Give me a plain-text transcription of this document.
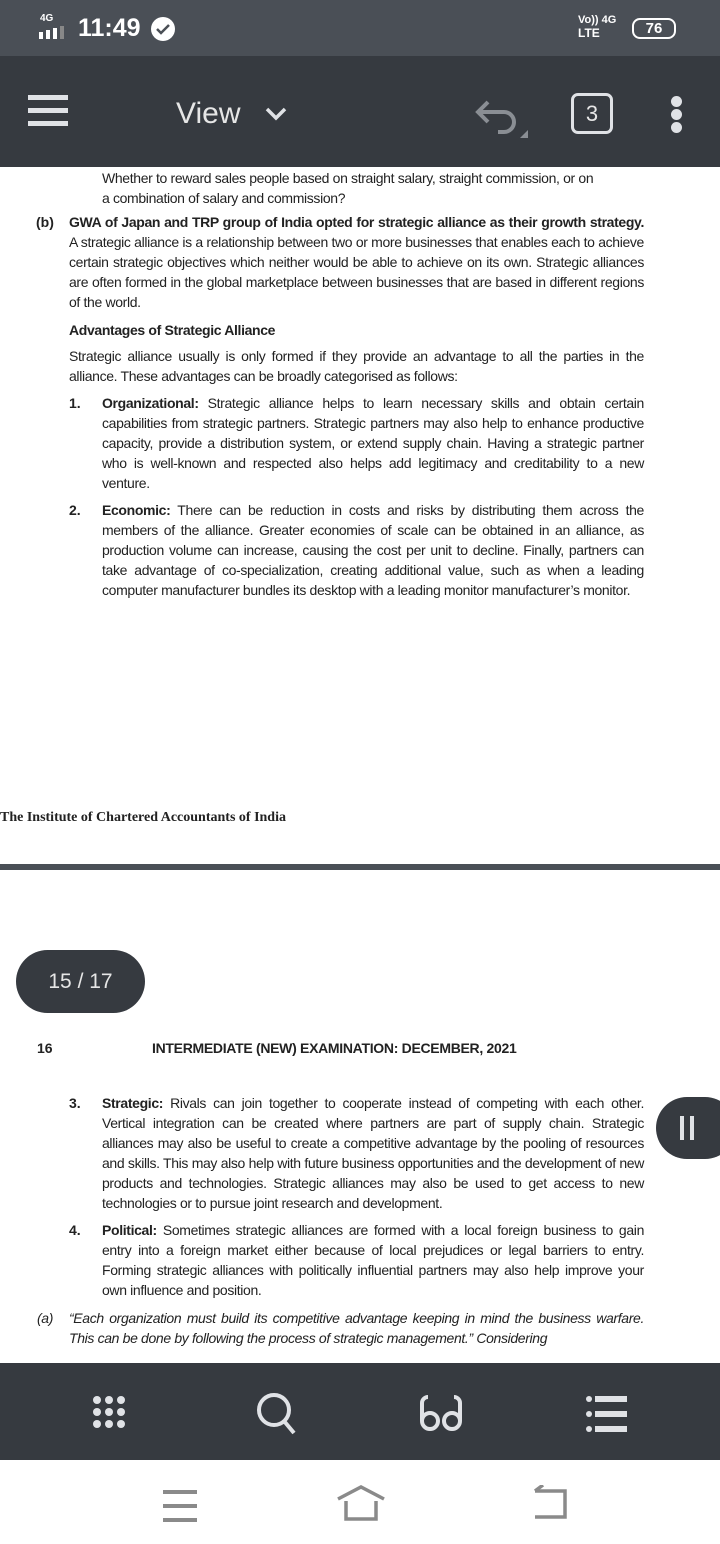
Whether to reward sales people based on straight salary, straight commission, or on
a combination of salary and commission?
(b) GWA of Japan and TRP group of India opted for strategic alliance as their growth strategy. A strategic alliance is a relationship between two or more businesses that enables each to achieve certain strategic objectives which neither would be able to achieve on its own. Strategic alliances are often formed in the global marketplace between businesses that are based in different regions of the world.
Advantages of Strategic Alliance
Strategic alliance usually is only formed if they provide an advantage to all the parties in the alliance. These advantages can be broadly categorised as follows:
1. Organizational: Strategic alliance helps to learn necessary skills and obtain certain capabilities from strategic partners. Strategic partners may also help to enhance productive capacity, provide a distribution system, or extend supply chain. Having a strategic partner who is well-known and respected also helps add legitimacy and creditability to a new venture.
2. Economic: There can be reduction in costs and risks by distributing them across the members of the alliance. Greater economies of scale can be obtained in an alliance, as production volume can increase, causing the cost per unit to decline. Finally, partners can take advantage of co-specialization, creating additional value, such as when a leading computer manufacturer bundles its desktop with a leading monitor manufacturer’s monitor.
The Institute of Chartered Accountants of India
16	INTERMEDIATE (NEW) EXAMINATION: DECEMBER, 2021
3. Strategic: Rivals can join together to cooperate instead of competing with each other. Vertical integration can be created where partners are part of supply chain. Strategic alliances may also be useful to create a competitive advantage by the pooling of resources and skills. This may also help with future business opportunities and the development of new products and technologies. Strategic alliances may also be used to get access to new technologies or to pursue joint research and development.
4. Political: Sometimes strategic alliances are formed with a local foreign business to gain entry into a foreign market either because of local prejudices or legal barriers to entry. Forming strategic alliances with politically influential partners may also help improve your own influence and position.
(a) “Each organization must build its competitive advantage keeping in mind the business warfare. This can be done by following the process of strategic management.” Considering
15 / 17
4G 11:49	Vo)) 4G
LTE	76
View	3
